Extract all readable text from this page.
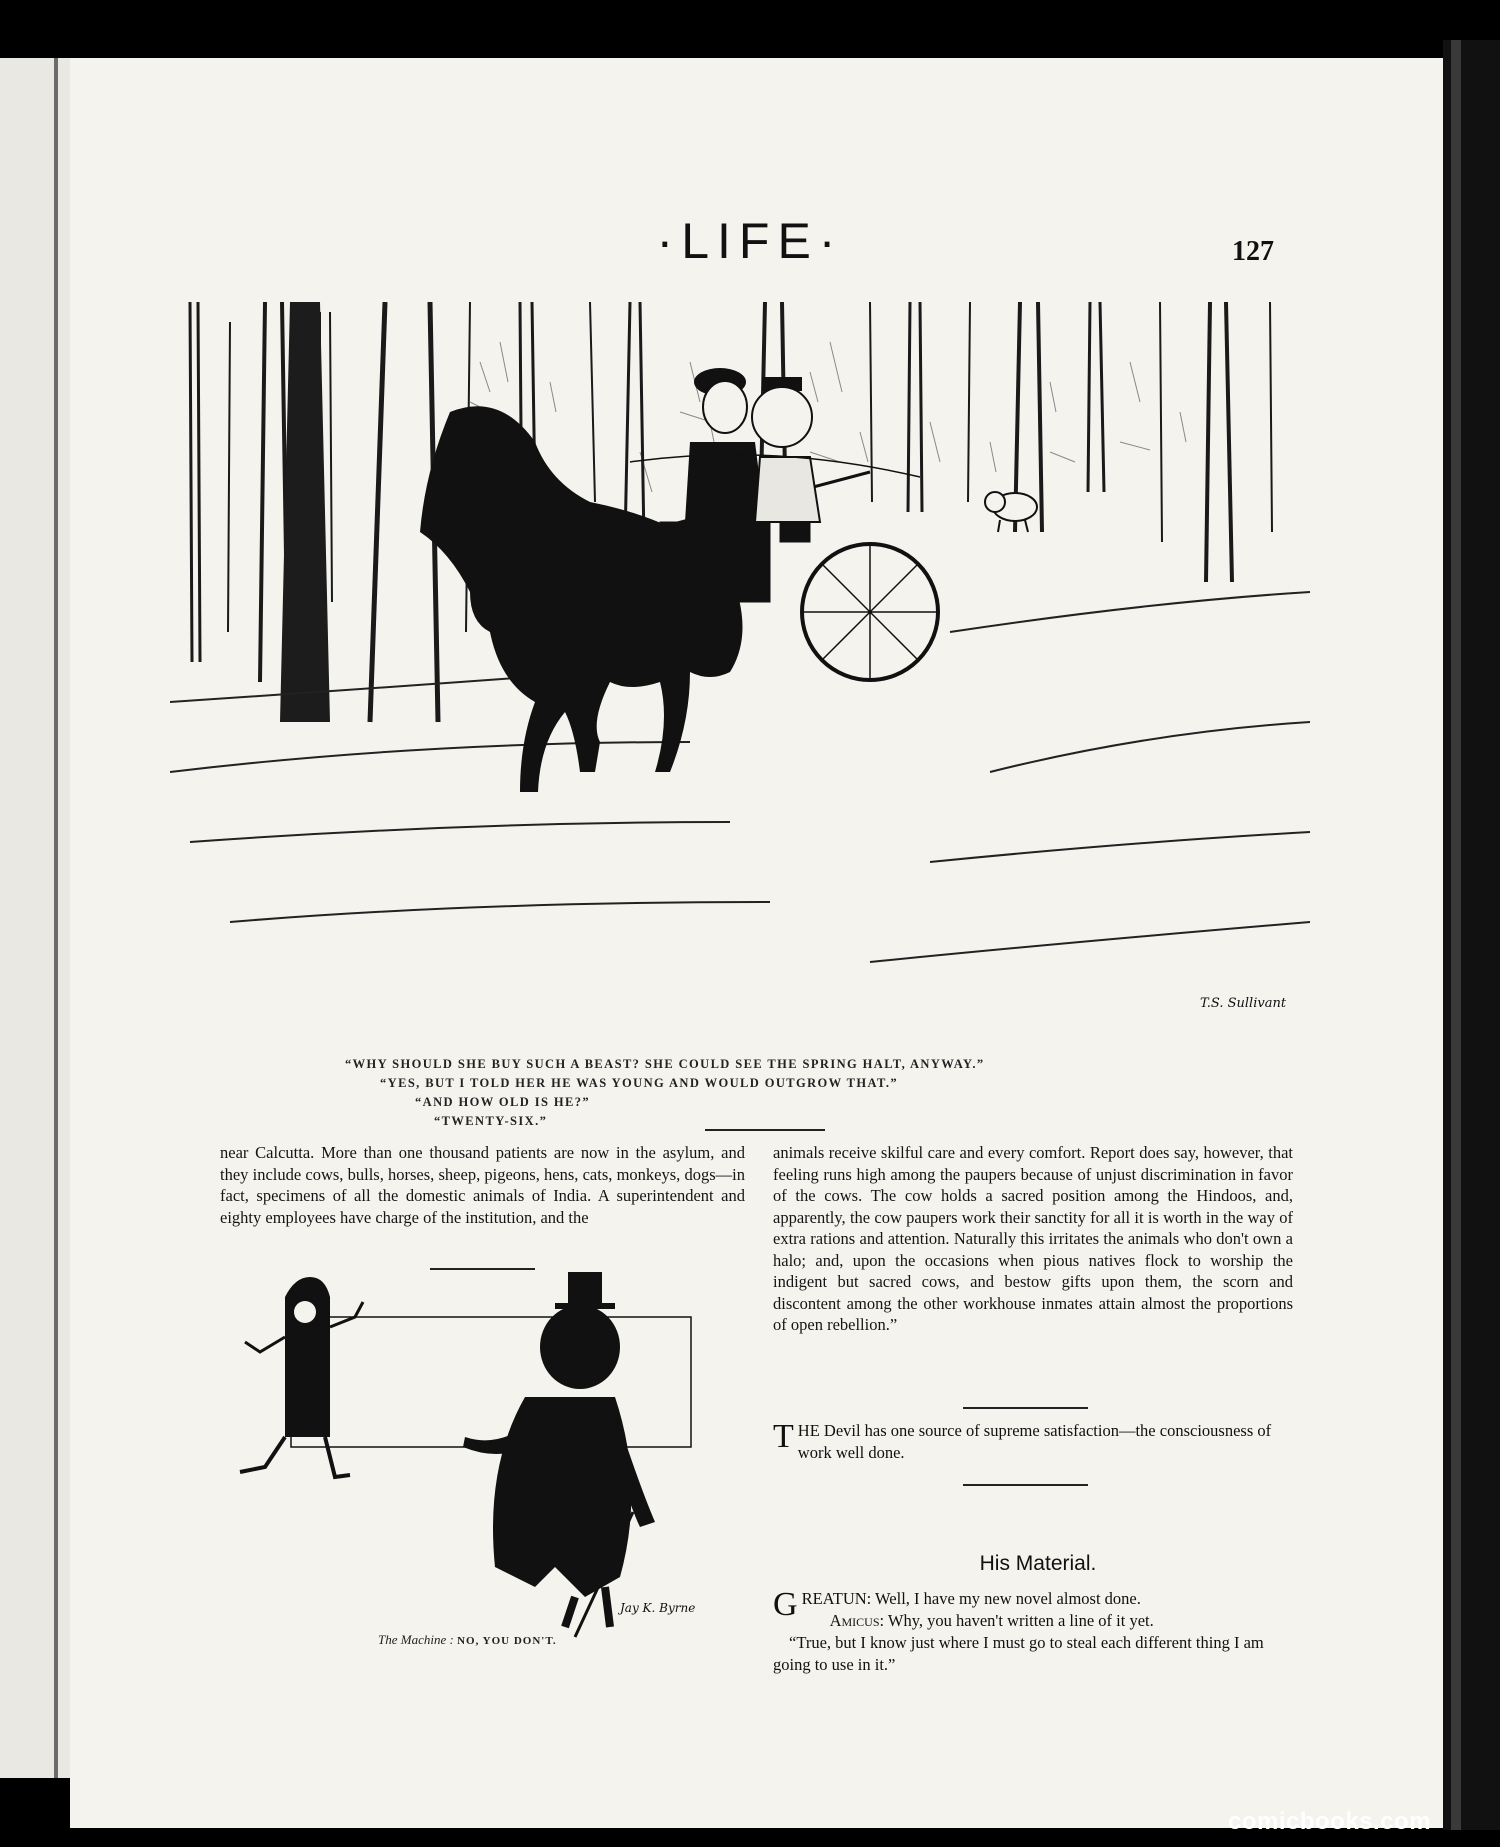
·LIFE·	127
T.S. Sullivant
“WHY SHOULD SHE BUY SUCH A BEAST? SHE COULD SEE THE SPRING HALT, ANYWAY.”
“YES, BUT I TOLD HER HE WAS YOUNG AND WOULD OUTGROW THAT.”
“AND HOW OLD IS HE?”
“TWENTY-SIX.”

near Calcutta. More than one thousand patients are now in the asylum, and they include cows, bulls, horses, sheep, pigeons, hens, cats, monkeys, dogs—in fact, specimens of all the domestic animals of India. A superintendent and eighty employees have charge of the institution, and the

Jay K. Byrne
The Machine : NO, YOU DON'T.

animals receive skilful care and every comfort. Report does say, however, that feeling runs high among the paupers because of unjust discrimination in favor of the cows. The cow holds a sacred position among the Hindoos, and, apparently, the cow paupers work their sanctity for all it is worth in the way of extra rations and attention. Naturally this irritates the animals who don't own a halo; and, upon the occasions when pious natives flock to worship the indigent but sacred cows, and bestow gifts upon them, the scorn and discontent among the other workhouse inmates attain almost the proportions of open rebellion.”

T HE Devil has one source of supreme satisfaction—the consciousness of work well done.
His Material.
G REATUN: Well, I have my new novel almost done.
Amicus: Why, you haven't written a line of it yet.
“True, but I know just where I must go to steal each different thing I am going to use in it.”
comicbooks.com
